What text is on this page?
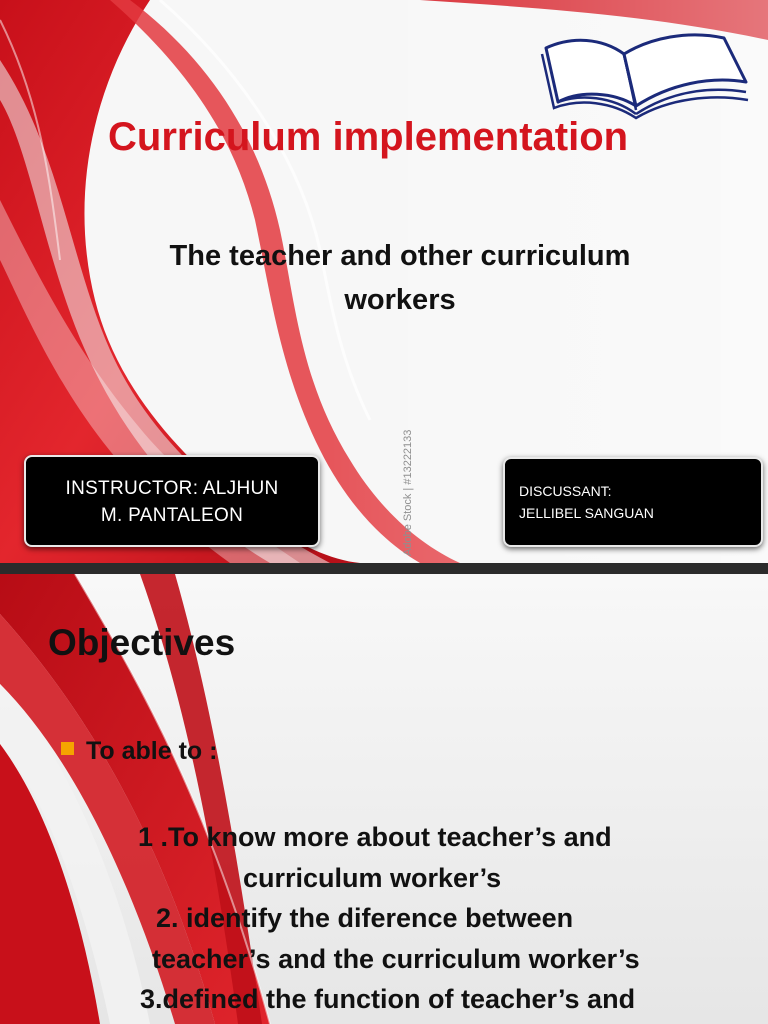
Curriculum implementation
The teacher and other curriculum
workers
INSTRUCTOR: ALJHUN
M. PANTALEON
DISCUSSANT:
JELLIBEL SANGUAN
Adobe Stock | #13222133
Objectives
To able to :
1 .To know more about teacher’s and
curriculum worker’s
2. identify the diference between
teacher’s and the curriculum worker’s
3.defined the function of teacher’s and
